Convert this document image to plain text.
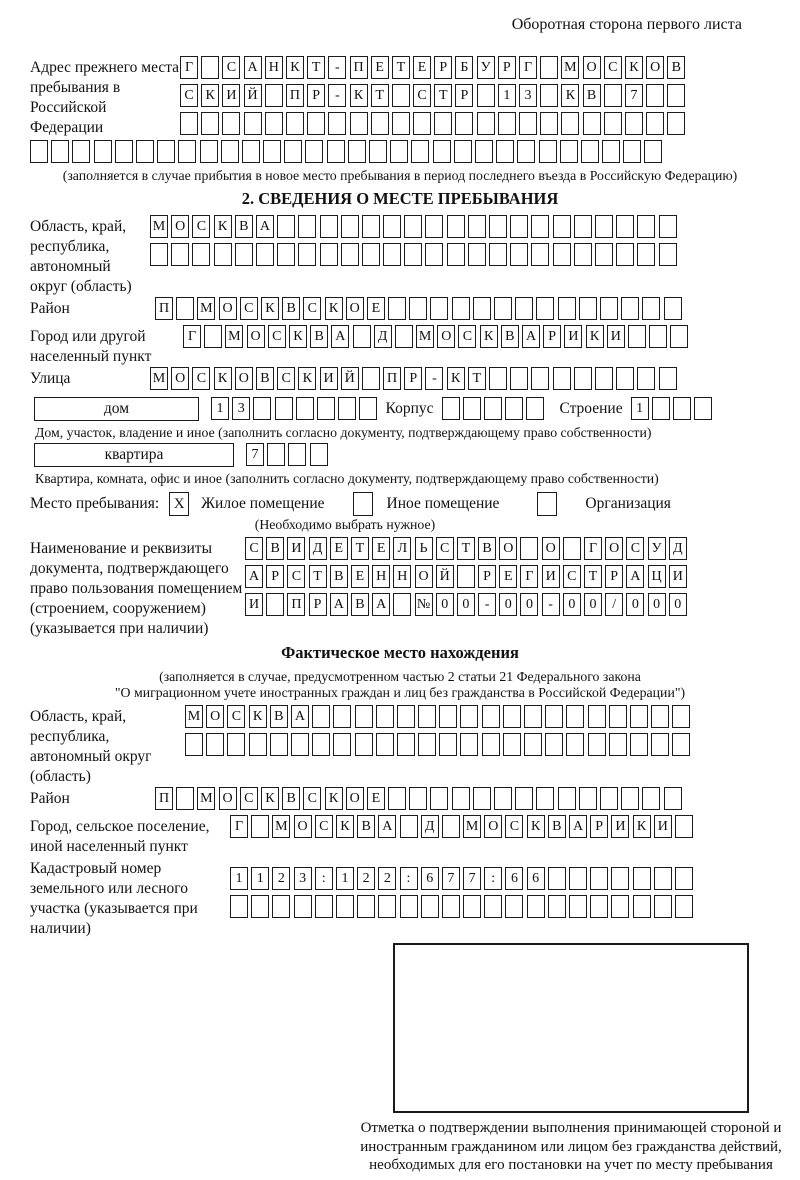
Оборотная сторона первого листа
Адрес прежнего места пребывания в Российской Федерации
Г	С А Н К Т	- П Е Т Е Р Б У Р Г	М О С К О В
С К И Й П Р	-	К Т	С Т Р	1	3	К В	7
(заполняется в случае прибытия в новое место пребывания в период последнего въезда в Российскую Федерацию)
2. СВЕДЕНИЯ О МЕСТЕ ПРЕБЫВАНИЯ
Область, край, республика, автономный округ (область)
М О С К В А
Район	П М О С К В С К О Е
Город или другой населенный пункт
Г	М О С К В А	Д	М О С К В А Р И К И
Улица	М О С К О В С К И Й П Р	-	К Т
дом	1	3	Корпус	Строение 1
Дом, участок, владение и иное (заполнить согласно документу, подтверждающему право собственности)
квартира	7
Квартира, комната, офис и иное (заполнить согласно документу, подтверждающему право собственности)
Место пребывания: X Жилое помещение	Иное помещение	Организация
(Необходимо выбрать нужное)
Наименование и реквизиты документа, подтверждающего право пользования помещением (строением, сооружением) (указывается при наличии)
С В И Д Е Т Е Л Ь С Т В О О	Г О С У Д
А Р С Т В Е Н Н О Й	Р Е Г И С Т Р А Ц И
И П Р А В А № 0	0	-	0	0	-	0	0	/	0	0	0
Фактическое место нахождения
(заполняется в случае, предусмотренном частью 2 статьи 21 Федерального закона
"О миграционном учете иностранных граждан и лиц без гражданства в Российской Федерации")
Область, край, республика, автономный округ (область)
М О С К В А
Район	П М О С К В С К О Е
Город, сельское поселение, иной населенный пункт
Г	М О С К В А	Д	М О С К В А Р И К И
Кадастровый номер земельного или лесного участка (указывается при наличии)
1	1	2	3	:	1	2	2	:	6	7	7	:	6	6
Отметка о подтверждении выполнения принимающей стороной и иностранным гражданином или лицом без гражданства действий, необходимых для его постановки на учет по месту пребывания
